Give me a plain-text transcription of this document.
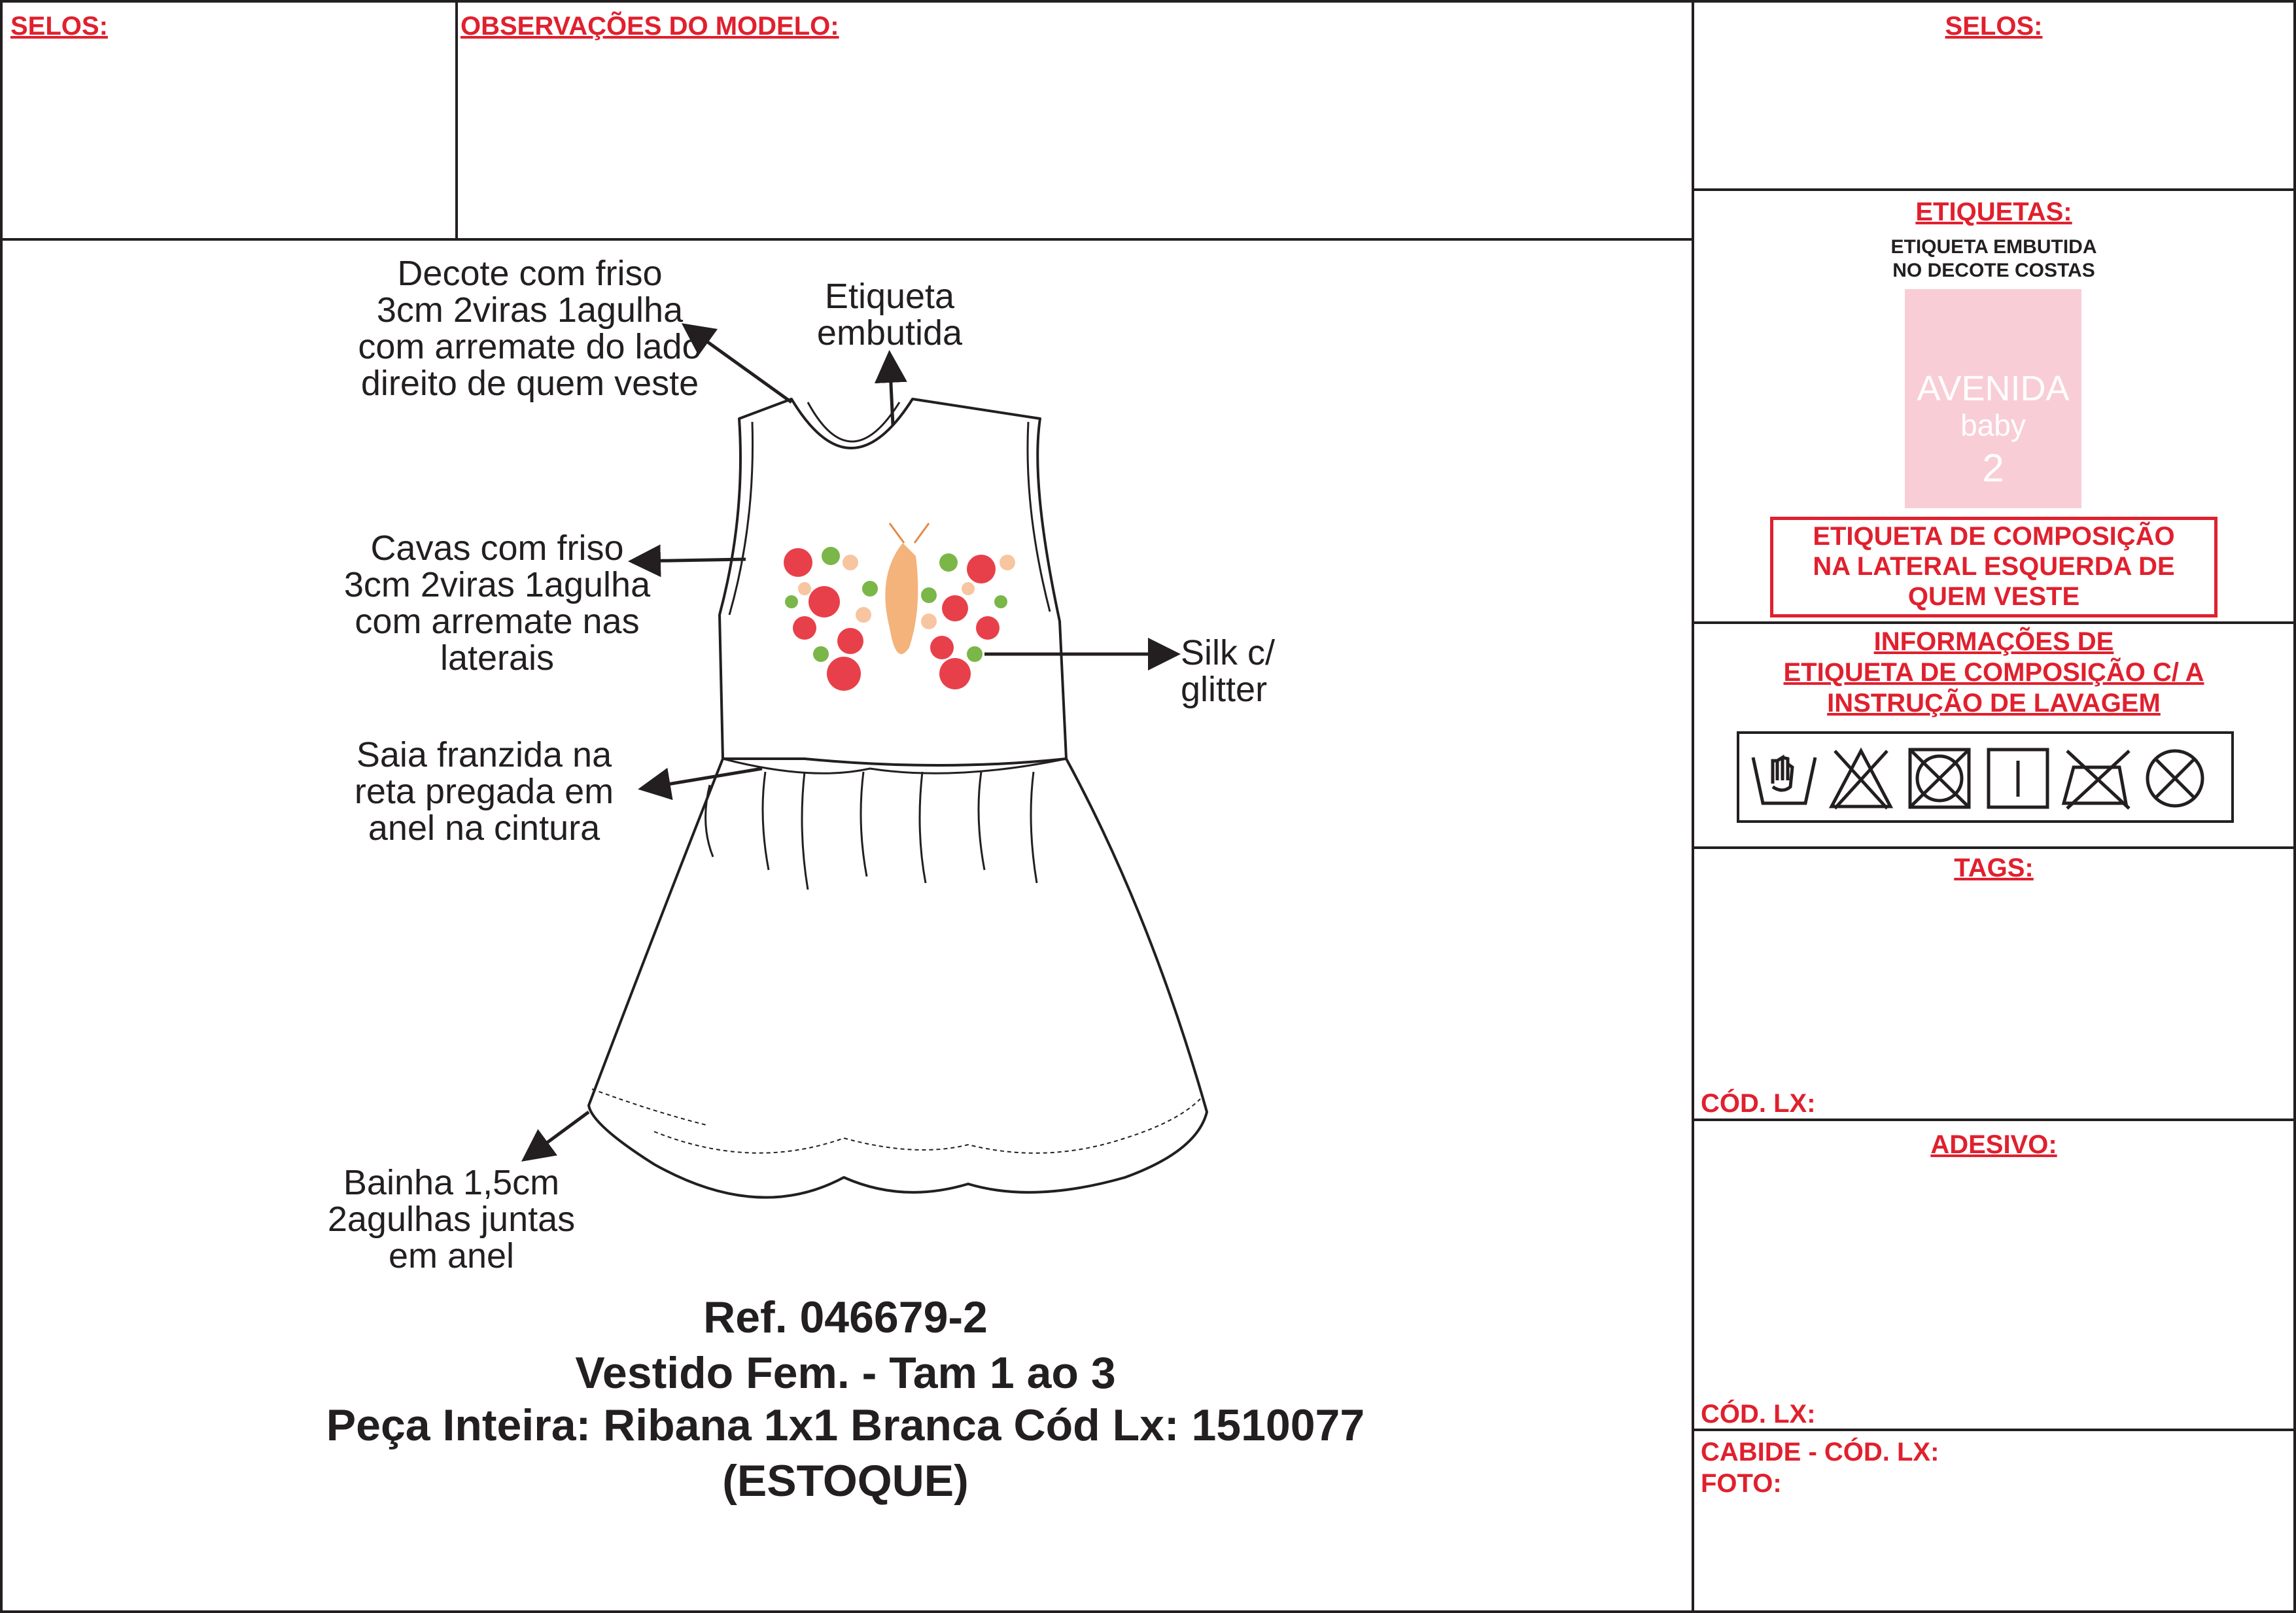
SELOS:	OBSERVAÇÕES DO MODELO:
Decote com friso
3cm 2viras 1agulha
com arremate do lado
direito de quem veste
Etiqueta
embutida
Cavas com friso
3cm 2viras 1agulha
com arremate nas
laterais	Silk c/
glitter
Saia franzida na
reta pregada em
anel na cintura
Bainha 1,5cm
2agulhas juntas
em anel
Ref. 046679-2
Vestido Fem. - Tam 1 ao 3
Peça Inteira: Ribana 1x1 Branca Cód Lx: 1510077
(ESTOQUE)
SELOS:
ETIQUETAS:
ETIQUETA EMBUTIDA
NO DECOTE COSTAS
AVENIDA
baby
2
ETIQUETA DE COMPOSIÇÃO
NA LATERAL ESQUERDA DE
QUEM VESTE
INFORMAÇÕES DE
ETIQUETA DE COMPOSIÇÃO C/ A
INSTRUÇÃO DE LAVAGEM
TAGS:
CÓD. LX:
ADESIVO:
CÓD. LX:
CABIDE - CÓD. LX:
FOTO:
